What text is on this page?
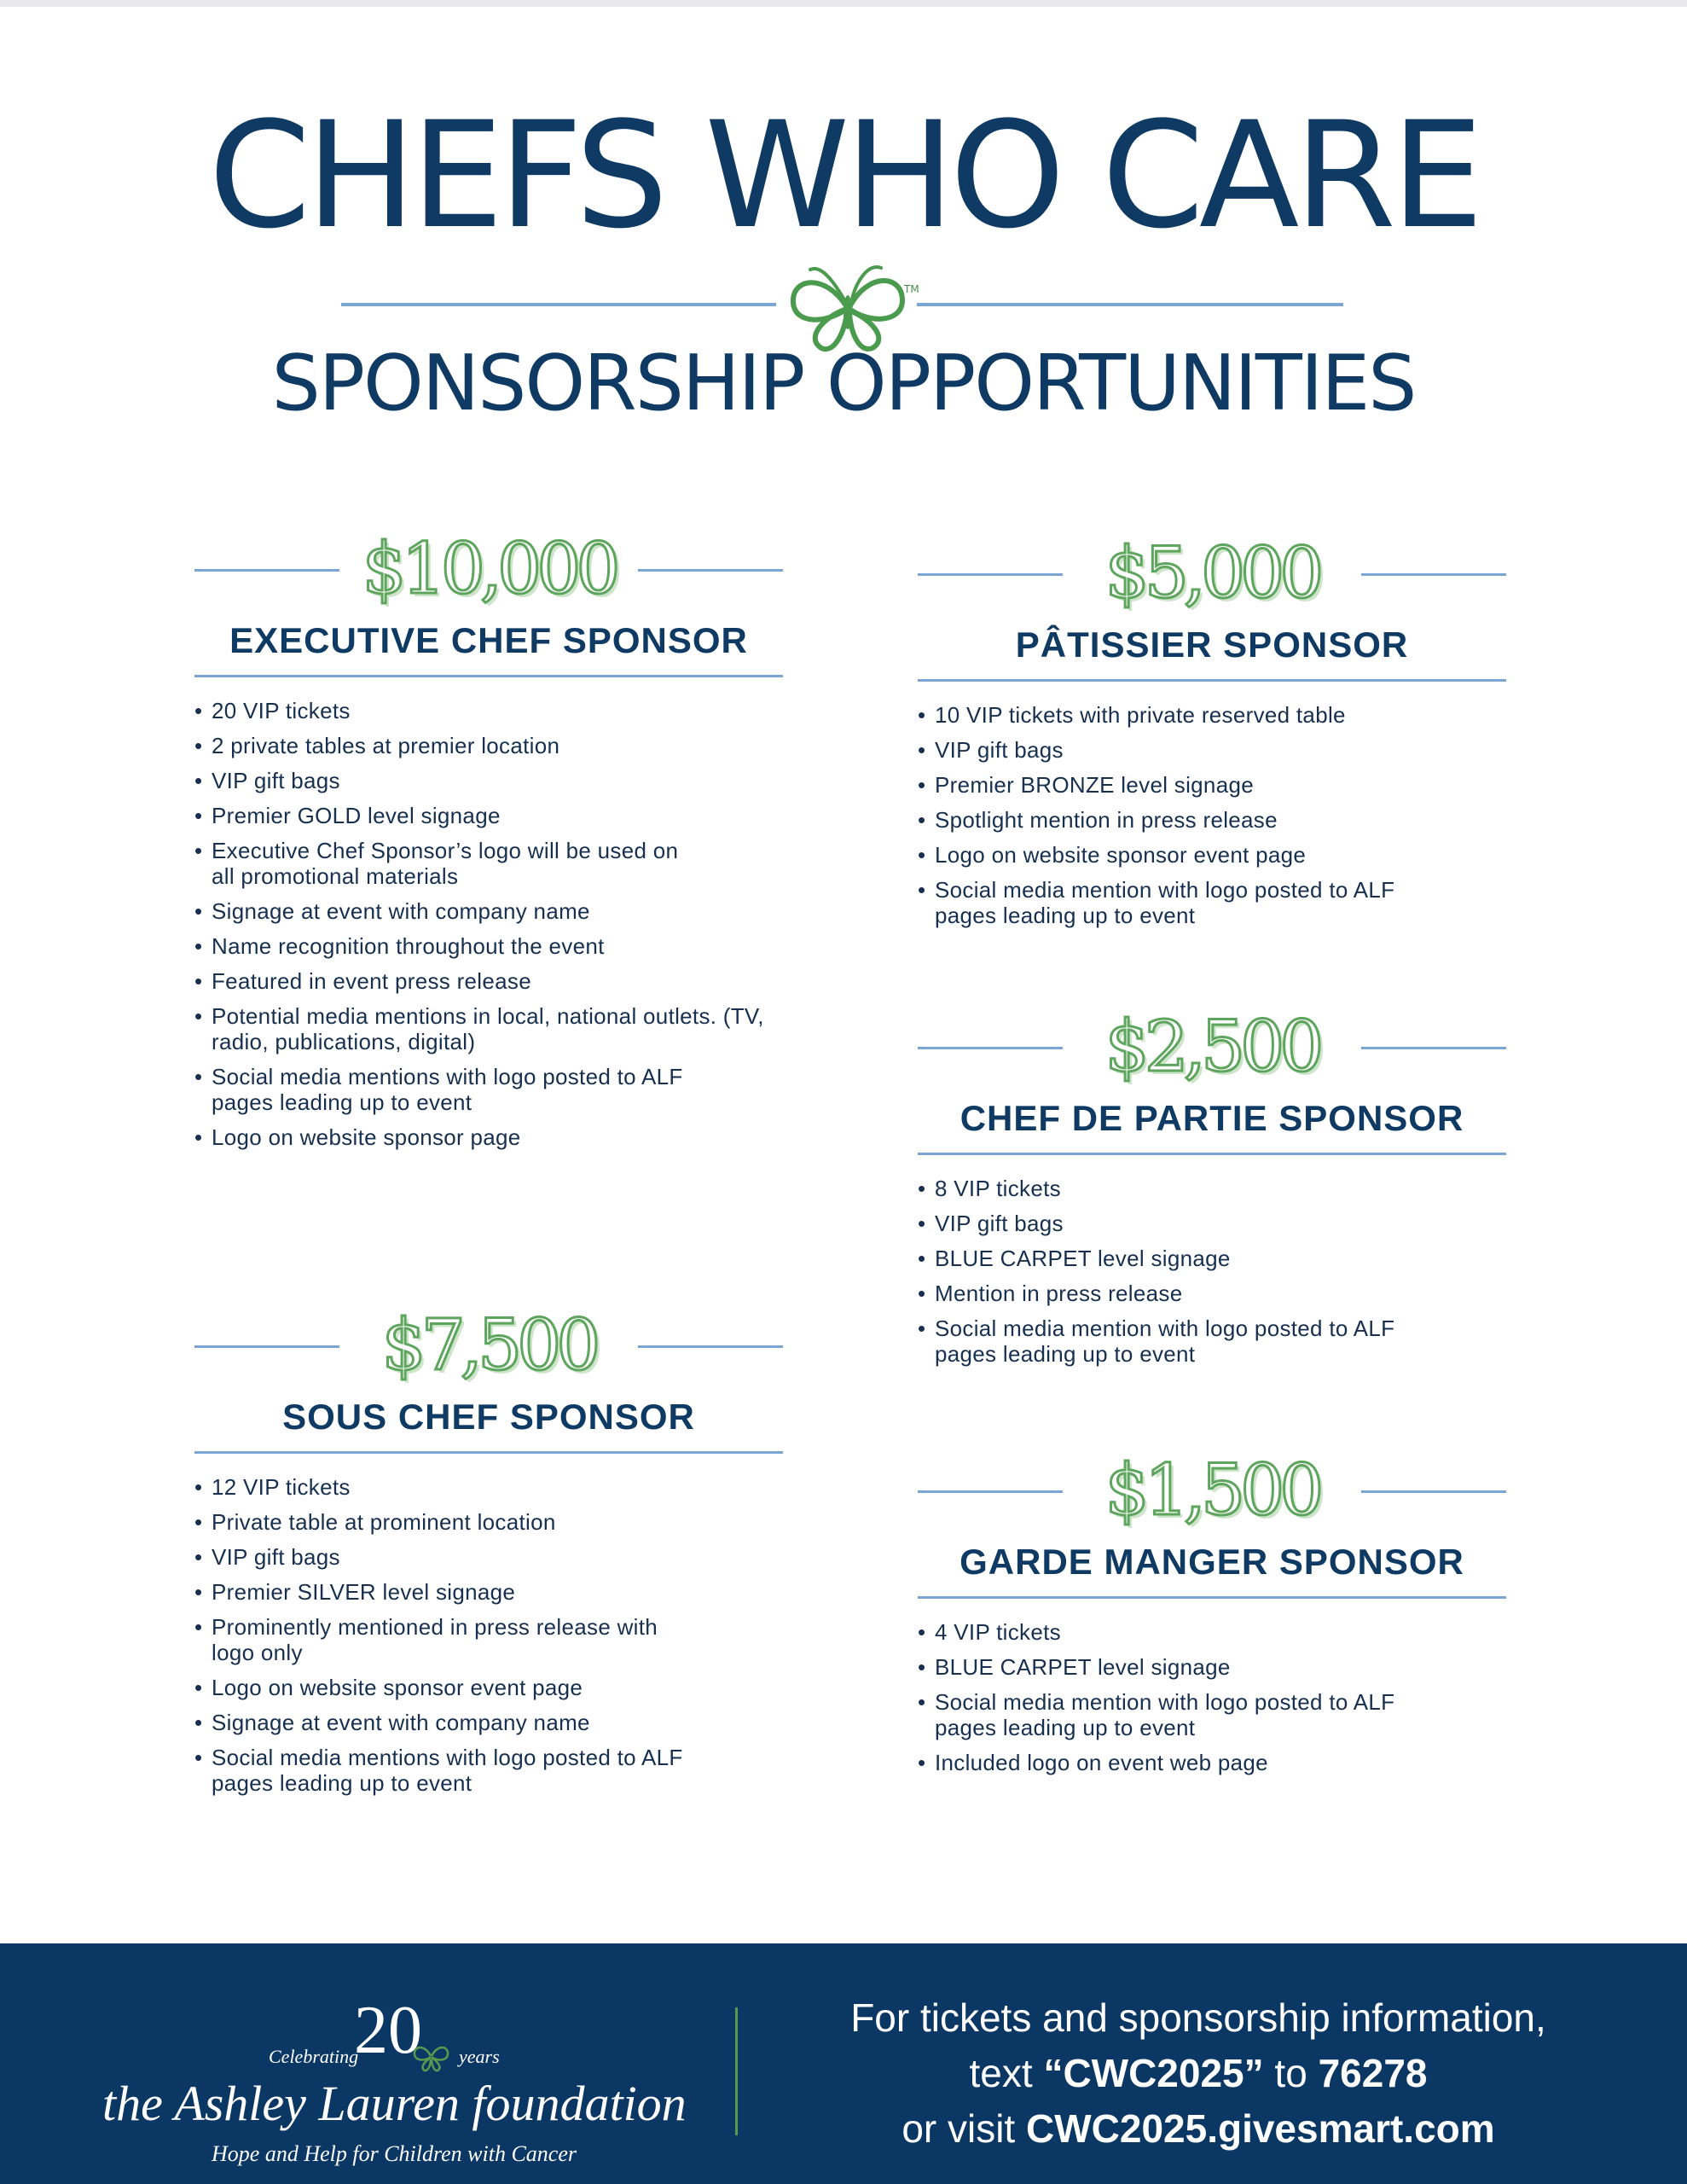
CHEFS WHO CARE
TM
SPONSORSHIP OPPORTUNITIES
$10,000
EXECUTIVE CHEF SPONSOR
• 20 VIP tickets
• 2 private tables at premier location
• VIP gift bags
• Premier GOLD level signage
• Executive Chef Sponsor’s logo will be used on all promotional materials
• Signage at event with company name
• Name recognition throughout the event
• Featured in event press release
• Potential media mentions in local, national outlets. (TV, radio, publications, digital)
• Social media mentions with logo posted to ALF pages leading up to event
• Logo on website sponsor page
$5,000
PÂTISSIER SPONSOR
• 10 VIP tickets with private reserved table
• VIP gift bags
• Premier BRONZE level signage
• Spotlight mention in press release
• Logo on website sponsor event page
• Social media mention with logo posted to ALF pages leading up to event
$7,500
SOUS CHEF SPONSOR
• 12 VIP tickets
• Private table at prominent location
• VIP gift bags
• Premier SILVER level signage
• Prominently mentioned in press release with logo only
• Logo on website sponsor event page
• Signage at event with company name
• Social media mentions with logo posted to ALF pages leading up to event
$2,500
CHEF DE PARTIE SPONSOR
• 8 VIP tickets
• VIP gift bags
• BLUE CARPET level signage
• Mention in press release
• Social media mention with logo posted to ALF pages leading up to event
$1,500
GARDE MANGER SPONSOR
• 4 VIP tickets
• BLUE CARPET level signage
• Social media mention with logo posted to ALF pages leading up to event
• Included logo on event web page
Celebrating
20 years
the Ashley Lauren foundation
Hope and Help for Children with Cancer
For tickets and sponsorship information,
text “CWC2025” to 76278
or visit CWC2025.givesmart.com
